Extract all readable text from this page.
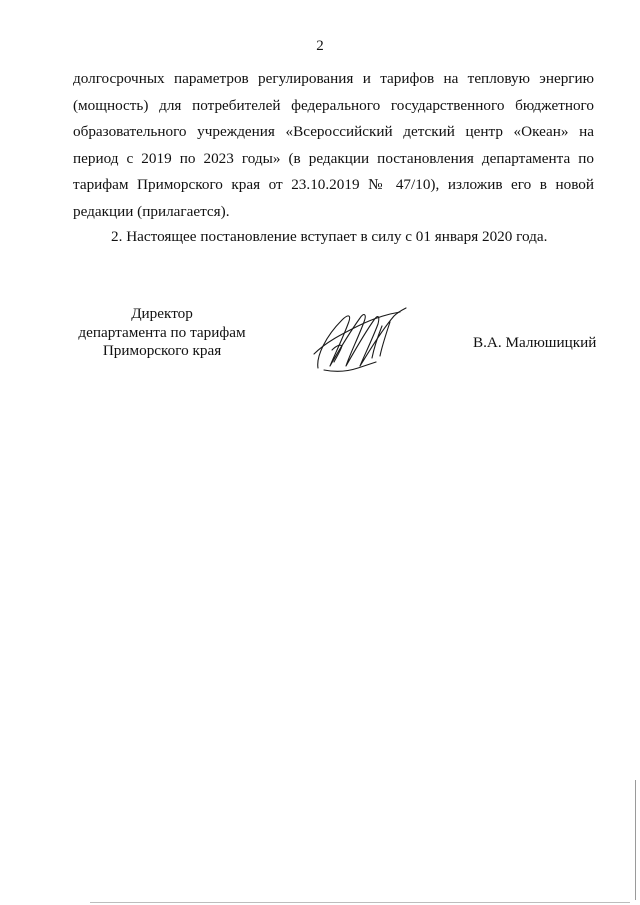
2
долгосрочных параметров регулирования и тарифов на тепловую энергию
(мощность) для потребителей федерального государственного бюджетного
образовательного учреждения «Всероссийский детский центр «Океан» на
период с 2019 по 2023 годы» (в редакции постановления департамента по
тарифам Приморского края от 23.10.2019 № 47/10), изложив его в новой
редакции (прилагается).
2. Настоящее постановление вступает в силу с 01 января 2020 года.
Директор
департамента по тарифам
Приморского края	В.А. Малюшицкий
